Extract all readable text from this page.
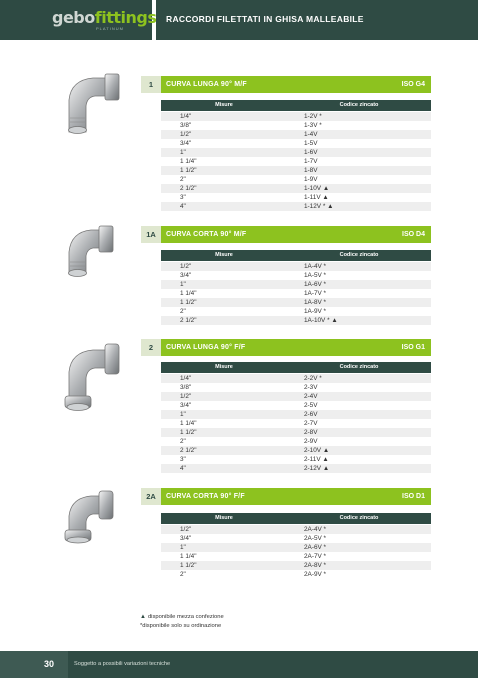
gebofittings
PLATINUM
RACCORDI FILETTATI IN GHISA MALLEABILE
1	CURVA LUNGA 90° M/F	ISO G4
Misure	Codice zincato
1/4"	1-2V *
3/8"	1-3V *
1/2"	1-4V
3/4"	1-5V
1"	1-6V
1 1/4"	1-7V
1 1/2"	1-8V
2"	1-9V
2 1/2"	1-10V ▲
3"	1-11V ▲
4"	1-12V * ▲
1A	CURVA CORTA 90° M/F	ISO D4
Misure	Codice zincato
1/2"	1A-4V *
3/4"	1A-5V *
1"	1A-6V *
1 1/4"	1A-7V *
1 1/2"	1A-8V *
2"	1A-9V *
2 1/2"	1A-10V * ▲
2	CURVA LUNGA 90° F/F	ISO G1
Misure	Codice zincato
1/4"	2-2V *
3/8"	2-3V
1/2"	2-4V
3/4"	2-5V
1"	2-6V
1 1/4"	2-7V
1 1/2"	2-8V
2"	2-9V
2 1/2"	2-10V ▲
3"	2-11V ▲
4"	2-12V ▲
2A	CURVA CORTA 90° F/F	ISO D1
Misure	Codice zincato
1/2"	2A-4V *
3/4"	2A-5V *
1"	2A-6V *
1 1/4"	2A-7V *
1 1/2"	2A-8V *
2"	2A-9V *
▲ disponibile mezza confezione
*disponibile solo su ordinazione
30	Soggetto a possibili variazioni tecniche
